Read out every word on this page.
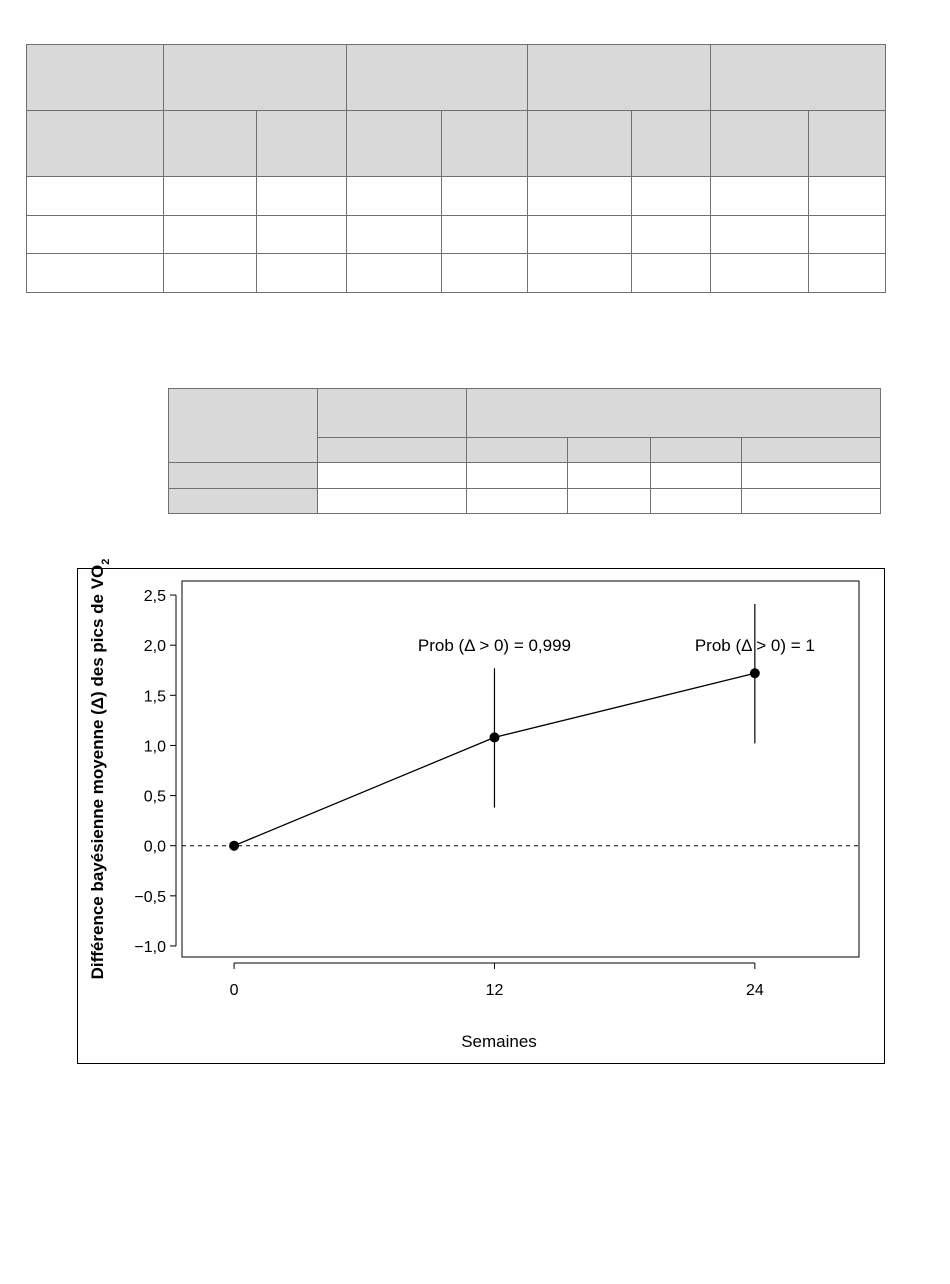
2,5
2,0
1,5
1,0
0,5
0,0
−0,5
−1,0
0	12	24
Prob (Δ > 0) = 0,999	Prob (Δ > 0) = 1
Différence bayésienne moyenne (Δ) des pics de $VO_2$
Semaines
